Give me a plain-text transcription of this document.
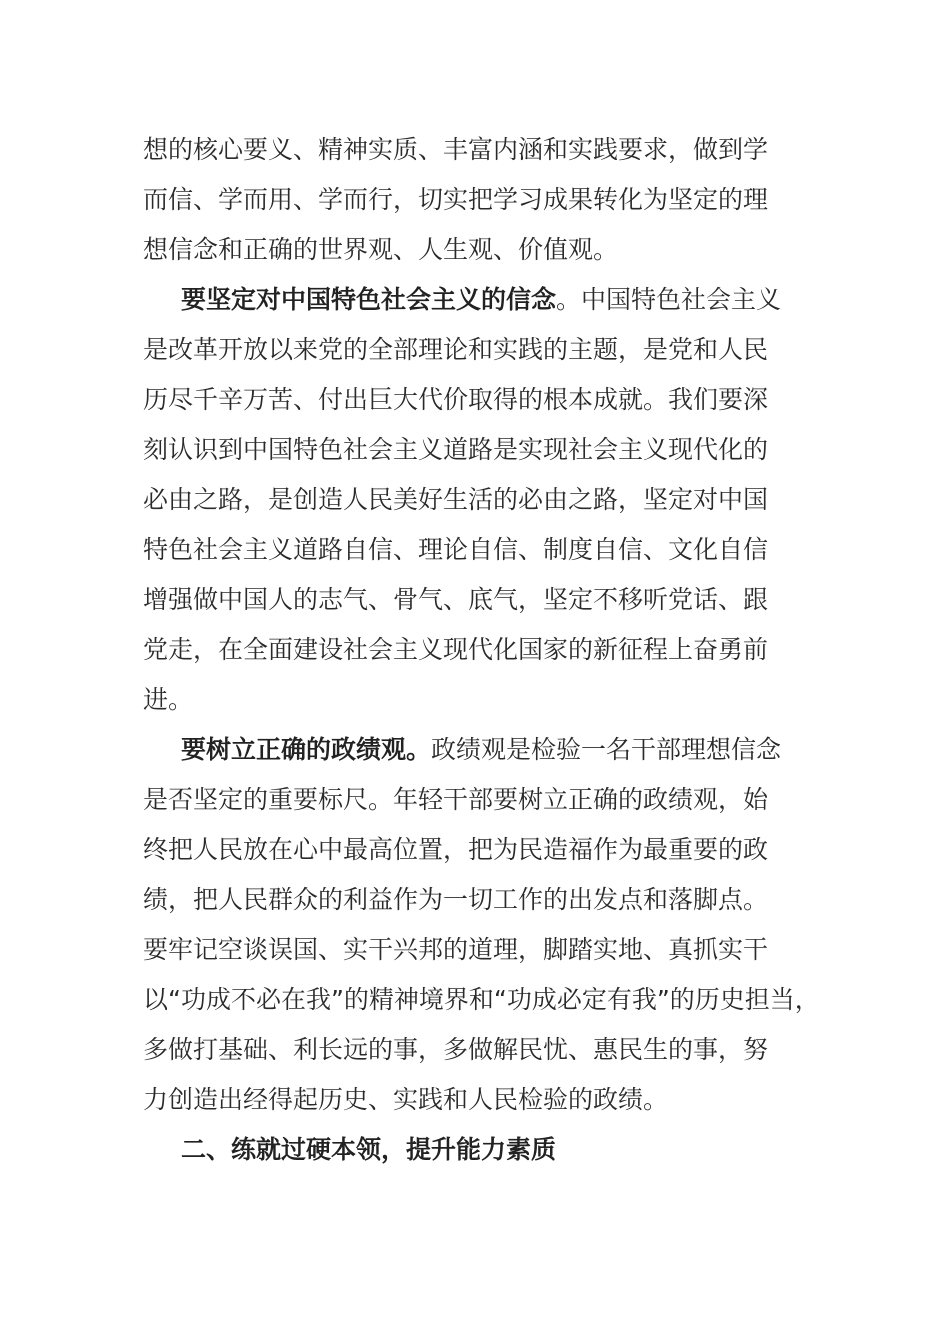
想的核心要义、精神实质、丰富内涵和实践要求，做到学
而信、学而用、学而行，切实把学习成果转化为坚定的理
想信念和正确的世界观、人生观、价值观。
要坚定对中国特色社会主义的信念。中国特色社会主义
是改革开放以来党的全部理论和实践的主题，是党和人民
历尽千辛万苦、付出巨大代价取得的根本成就。我们要深
刻认识到中国特色社会主义道路是实现社会主义现代化的
必由之路，是创造人民美好生活的必由之路，坚定对中国
特色社会主义道路自信、理论自信、制度自信、文化自信
增强做中国人的志气、骨气、底气，坚定不移听党话、跟
党走，在全面建设社会主义现代化国家的新征程上奋勇前
进。
要树立正确的政绩观。政绩观是检验一名干部理想信念
是否坚定的重要标尺。年轻干部要树立正确的政绩观，始
终把人民放在心中最高位置，把为民造福作为最重要的政
绩，把人民群众的利益作为一切工作的出发点和落脚点。
要牢记空谈误国、实干兴邦的道理，脚踏实地、真抓实干
以“功成不必在我”的精神境界和“功成必定有我”的历史担当，
多做打基础、利长远的事，多做解民忧、惠民生的事，努
力创造出经得起历史、实践和人民检验的政绩。
二、练就过硬本领，提升能力素质
